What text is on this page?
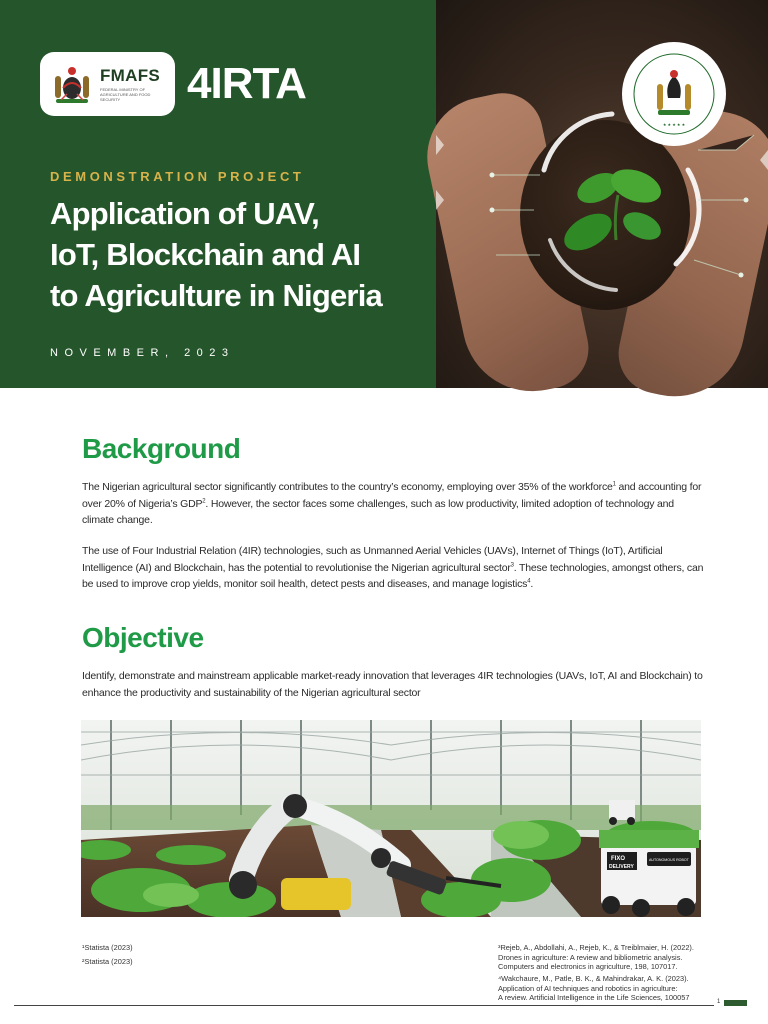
FMAFS
FEDERAL MINISTRY OF AGRICULTURE AND FOOD SECURITY	4IRTA
DEMONSTRATION PROJECT
Application of UAV,
IoT, Blockchain and AI
to Agriculture in Nigeria
NOVEMBER, 2023
★ ★ ★ ★ ★
Background
The Nigerian agricultural sector significantly contributes to the country’s economy, employing over 35% of the workforce$^1$ and accounting for over 20% of Nigeria’s GDP$^2$. However, the sector faces some challenges, such as low productivity, limited adoption of technology and climate change.
The use of Four Industrial Relation (4IR) technologies, such as Unmanned Aerial Vehicles (UAVs), Internet of Things (IoT), Artificial Intelligence (AI) and Blockchain, has the potential to revolutionise the Nigerian agricultural sector$^3$. These technologies, amongst others, can be used to improve crop yields, monitor soil health, detect pests and diseases, and manage logistics$^4$.
Objective
Identify, demonstrate and mainstream applicable market-ready innovation that leverages 4IR technologies (UAVs, IoT, AI and Blockchain) to enhance the productivity and sustainability of the Nigerian agricultural sector
FIXO
DELIVERY
AUTONOMOUS ROBOT
¹Statista (2023)
²Statista (2023)
³Rejeb, A., Abdollahi, A., Rejeb, K., & Treiblmaier, H. (2022).
Drones in agriculture: A review and bibliometric analysis.
Computers and electronics in agriculture, 198, 107017.
⁴Wakchaure, M., Patle, B. K., & Mahindrakar, A. K. (2023).
Application of AI techniques and robotics in agriculture:
A review. Artificial Intelligence in the Life Sciences, 100057	1
